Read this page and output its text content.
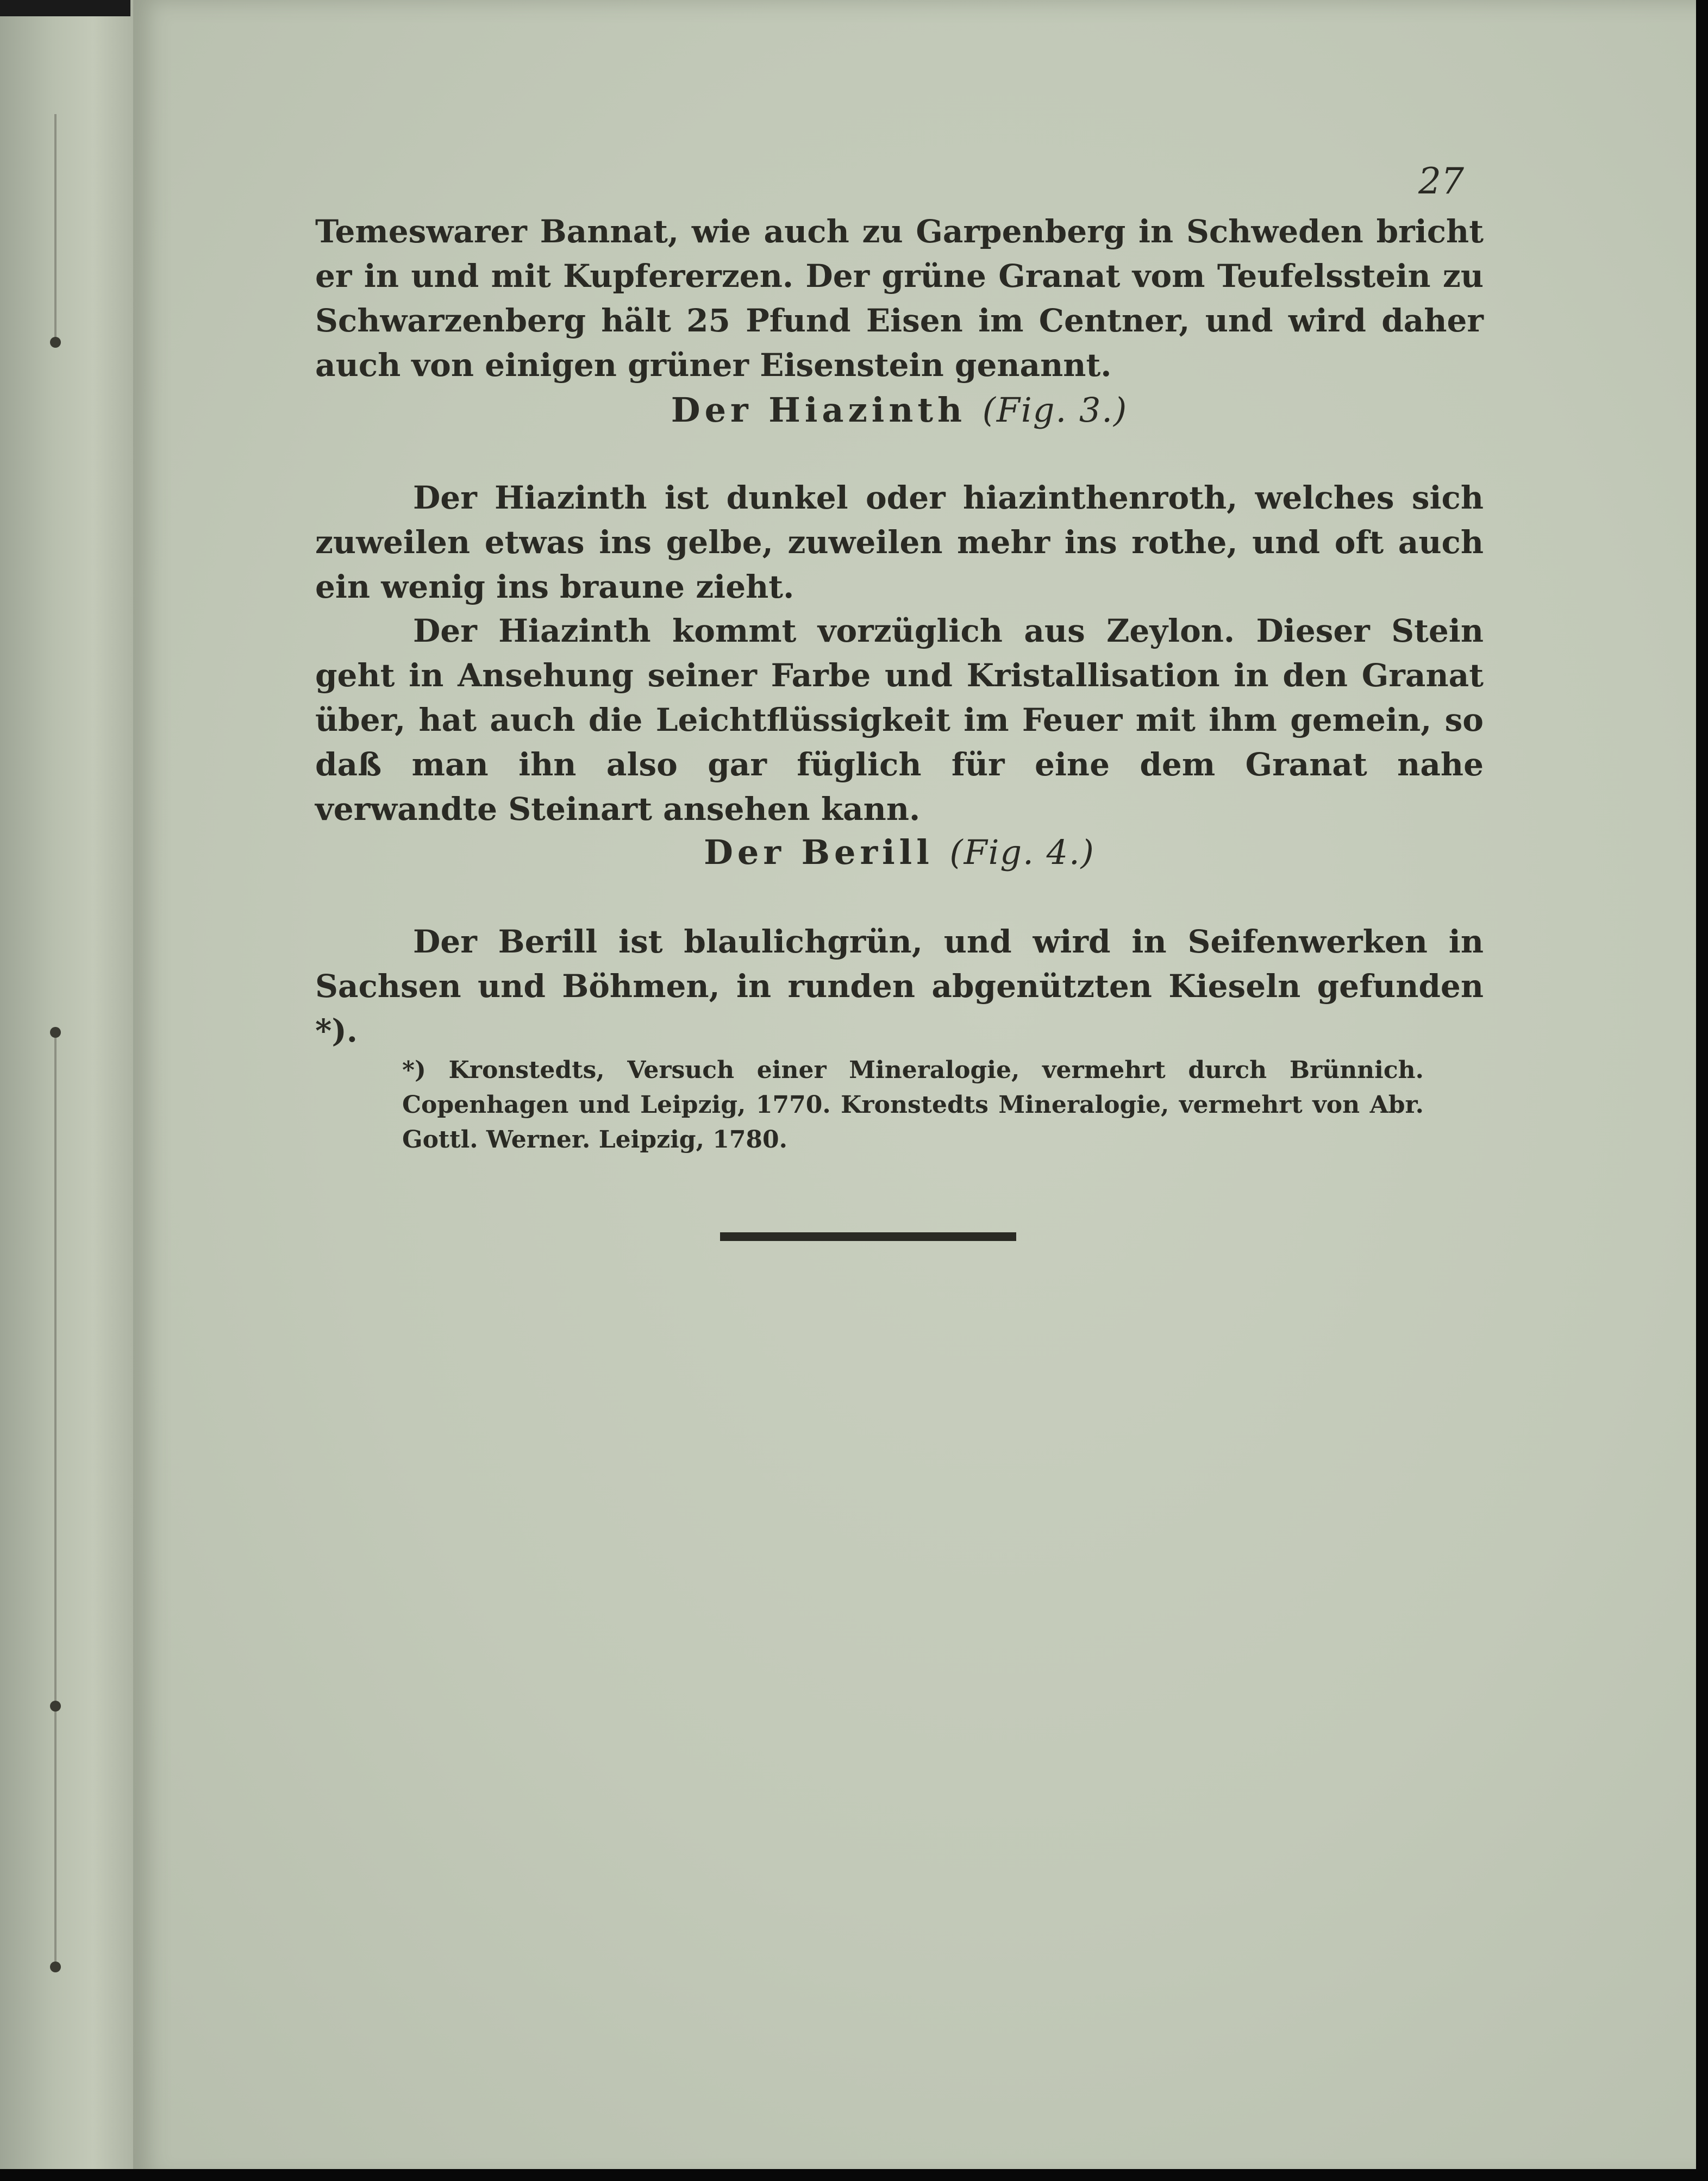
27
Temeswarer Bannat, wie auch zu Garpenberg in Schweden bricht er in und mit Kupfererzen. Der grüne Granat vom Teufelsstein zu Schwarzenberg hält 25 Pfund Eisen im Centner, und wird daher auch von einigen grüner Eisenstein genannt.
Der Hiazinth (Fig. 3.)
Der Hiazinth ist dunkel oder hiazinthenroth, welches sich zuweilen etwas ins gelbe, zuweilen mehr ins rothe, und oft auch ein wenig ins braune zieht.
Der Hiazinth kommt vorzüglich aus Zeylon. Dieser Stein geht in Ansehung seiner Farbe und Kristallisation in den Granat über, hat auch die Leichtflüssigkeit im Feuer mit ihm gemein, so daß man ihn also gar füglich für eine dem Granat nahe verwandte Steinart ansehen kann.
Der Berill (Fig. 4.)
Der Berill ist blaulichgrün, und wird in Seifenwerken in Sachsen und Böhmen, in runden abgenützten Kieseln gefunden *).
*) Kronstedts, Versuch einer Mineralogie, vermehrt durch Brünnich. Copenhagen und Leipzig, 1770. Kronstedts Mineralogie, vermehrt von Abr. Gottl. Werner. Leipzig, 1780.
